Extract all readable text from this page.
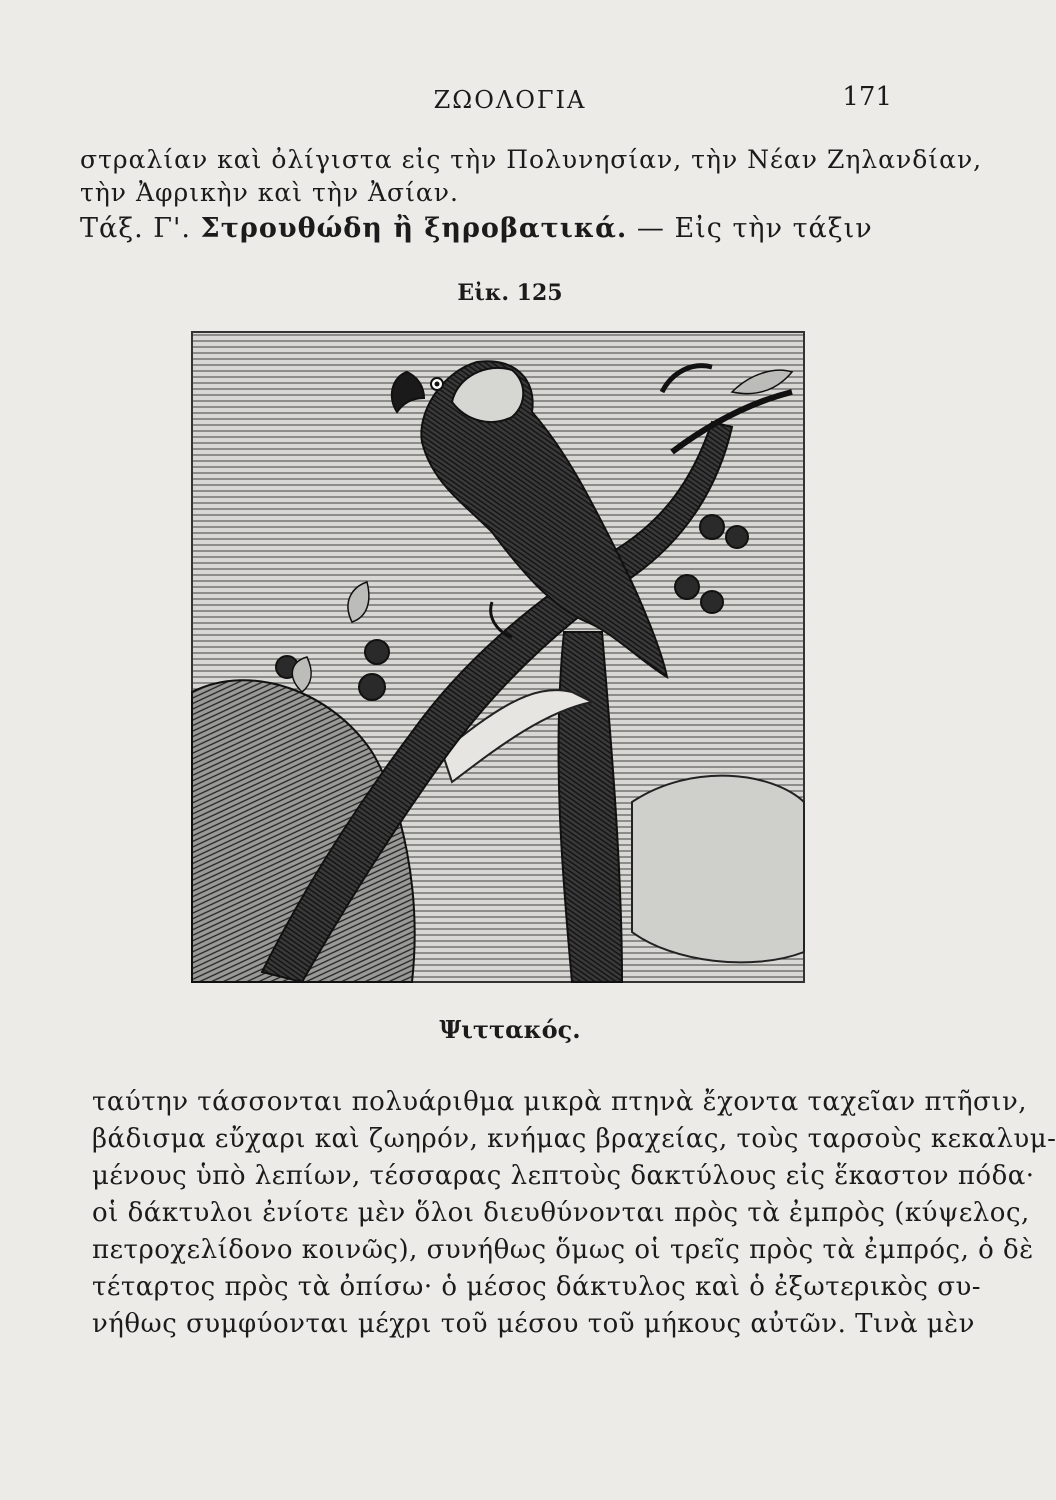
ΖΩΟΛΟΓΙΑ	171
στραλίαν καὶ ὀλίγιστα εἰς τὴν Πολυνησίαν, τὴν Νέαν Ζηλανδίαν,
τὴν Ἀφρικὴν καὶ τὴν Ἀσίαν.
Τάξ. Γ'. Στρουθώδη ἢ ξηροβατικά. — Εἰς τὴν τάξιν
Εἰκ. 125
Ψιττακός.
ταύτην τάσσονται πολυάριθμα μικρὰ πτηνὰ ἔχοντα ταχεῖαν πτῆσιν,
βάδισμα εὔχαρι καὶ ζωηρόν, κνήμας βραχείας, τοὺς ταρσοὺς κεκαλυμ-
μένους ὑπὸ λεπίων, τέσσαρας λεπτοὺς δακτύλους εἰς ἕκαστον πόδα·
οἱ δάκτυλοι ἐνίοτε μὲν ὅλοι διευθύνονται πρὸς τὰ ἐμπρὸς (κύψελος,
πετροχελίδονο κοινῶς), συνήθως ὅμως οἱ τρεῖς πρὸς τὰ ἐμπρός, ὁ δὲ
τέταρτος πρὸς τὰ ὀπίσω· ὁ μέσος δάκτυλος καὶ ὁ ἐξωτερικὸς συ-
νήθως συμφύονται μέχρι τοῦ μέσου τοῦ μήκους αὐτῶν. Τινὰ μὲν
